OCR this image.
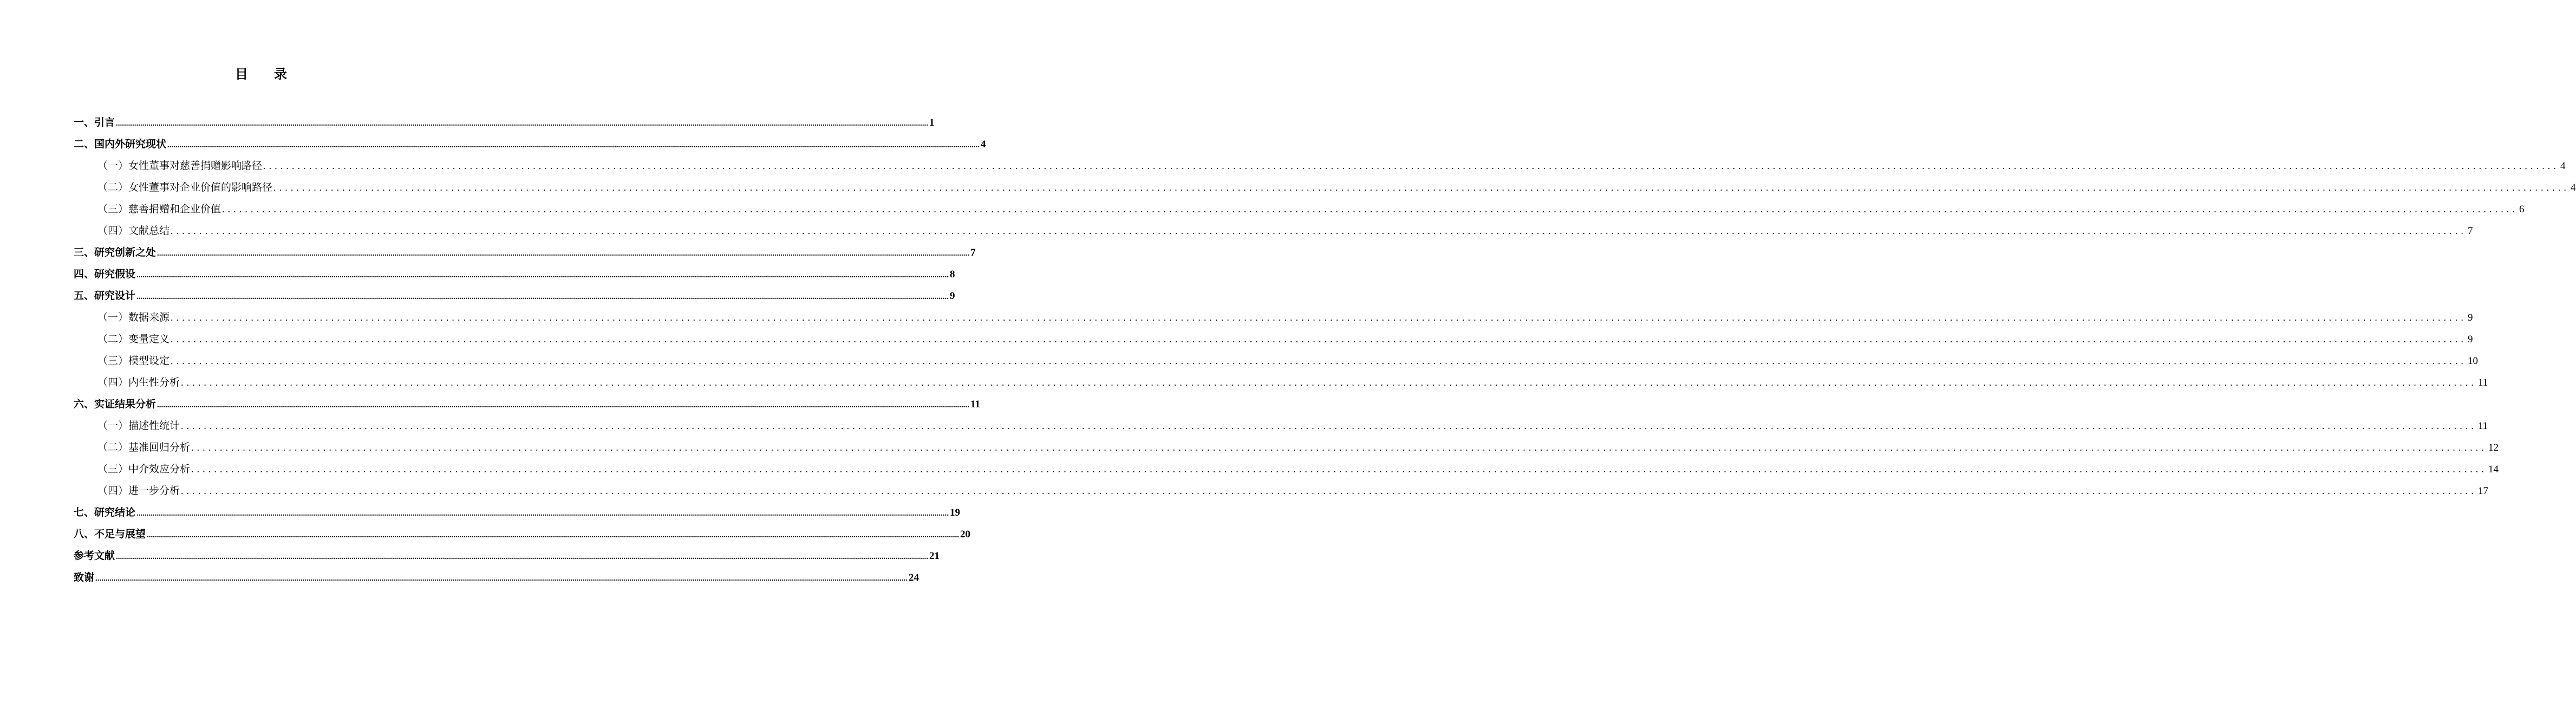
目录
一、引言 ................................................................................................................................................................................................................................................................................................................................................................................................................ 1
二、国内外研究现状 ................................................................................................................................................................................................................................................................................................................................................................................................................ 4
（一）女性董事对慈善捐赠影响路径 ................................................................................................................................................................................................................................................................................................................................................................................................................ 4
（二）女性董事对企业价值的影响路径 ................................................................................................................................................................................................................................................................................................................................................................................................................ 4
（三）慈善捐赠和企业价值 ................................................................................................................................................................................................................................................................................................................................................................................................................ 6
（四）文献总结 ................................................................................................................................................................................................................................................................................................................................................................................................................ 7
三、研究创新之处 ................................................................................................................................................................................................................................................................................................................................................................................................................ 7
四、研究假设 ................................................................................................................................................................................................................................................................................................................................................................................................................ 8
五、研究设计 ................................................................................................................................................................................................................................................................................................................................................................................................................ 9
（一）数据来源 ................................................................................................................................................................................................................................................................................................................................................................................................................ 9
（二）变量定义 ................................................................................................................................................................................................................................................................................................................................................................................................................ 9
（三）模型设定 ................................................................................................................................................................................................................................................................................................................................................................................................................ 10
（四）内生性分析 ................................................................................................................................................................................................................................................................................................................................................................................................................ 11
六、实证结果分析 ................................................................................................................................................................................................................................................................................................................................................................................................................ 11
（一）描述性统计 ................................................................................................................................................................................................................................................................................................................................................................................................................ 11
（二）基准回归分析 ................................................................................................................................................................................................................................................................................................................................................................................................................ 12
（三）中介效应分析 ................................................................................................................................................................................................................................................................................................................................................................................................................ 14
（四）进一步分析 ................................................................................................................................................................................................................................................................................................................................................................................................................ 17
七、研究结论 ................................................................................................................................................................................................................................................................................................................................................................................................................ 19
八、不足与展望 ................................................................................................................................................................................................................................................................................................................................................................................................................ 20
参考文献 ................................................................................................................................................................................................................................................................................................................................................................................................................ 21
致谢 ................................................................................................................................................................................................................................................................................................................................................................................................................ 24
